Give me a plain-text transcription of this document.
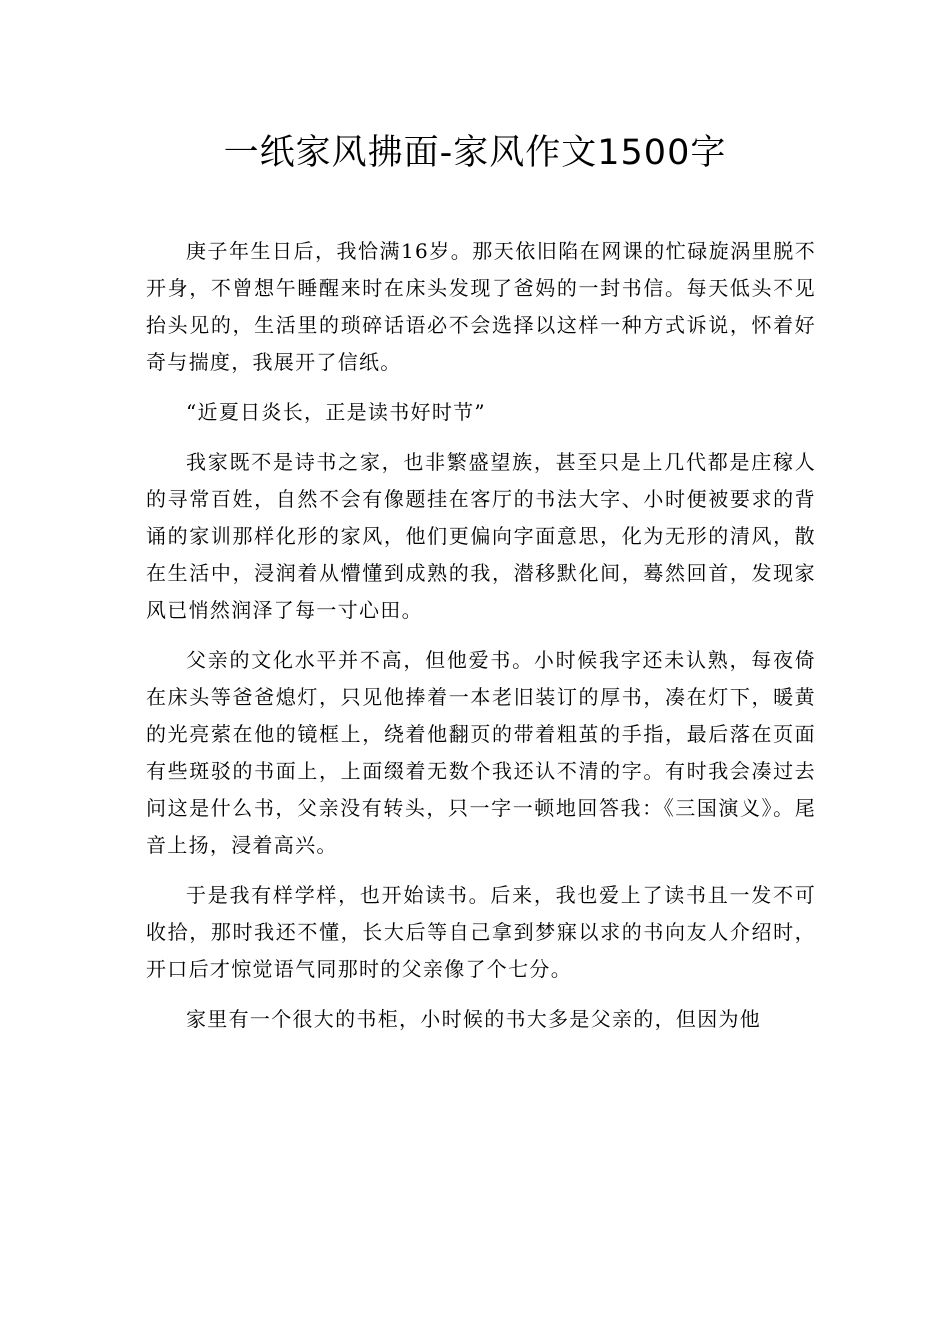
一纸家风拂面-家风作文1500字

庚子年生日后，我恰满16岁。那天依旧陷在网课的忙碌旋涡里脱不开身，不曾想午睡醒来时在床头发现了爸妈的一封书信。每天低头不见抬头见的，生活里的琐碎话语必不会选择以这样一种方式诉说，怀着好奇与揣度，我展开了信纸。

“近夏日炎长，正是读书好时节”

我家既不是诗书之家，也非繁盛望族，甚至只是上几代都是庄稼人的寻常百姓，自然不会有像题挂在客厅的书法大字、小时便被要求的背诵的家训那样化形的家风，他们更偏向字面意思，化为无形的清风，散在生活中，浸润着从懵懂到成熟的我，潜移默化间，蓦然回首，发现家风已悄然润泽了每一寸心田。

父亲的文化水平并不高，但他爱书。小时候我字还未认熟，每夜倚在床头等爸爸熄灯，只见他捧着一本老旧装订的厚书，凑在灯下，暖黄的光亮萦在他的镜框上，绕着他翻页的带着粗茧的手指，最后落在页面有些斑驳的书面上，上面缀着无数个我还认不清的字。有时我会凑过去问这是什么书，父亲没有转头，只一字一顿地回答我：《三国演义》。尾音上扬，浸着高兴。

于是我有样学样，也开始读书。后来，我也爱上了读书且一发不可收拾，那时我还不懂，长大后等自己拿到梦寐以求的书向友人介绍时，开口后才惊觉语气同那时的父亲像了个七分。

家里有一个很大的书柜，小时候的书大多是父亲的，但因为他
